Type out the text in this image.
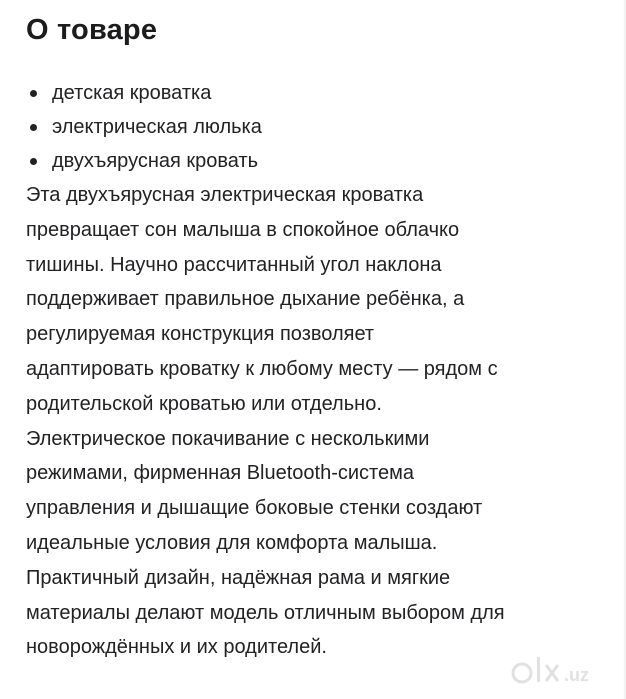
О товаре
детская кроватка
электрическая люлька
двухъярусная кровать

Эта двухъярусная электрическая кроватка
превращает сон малыша в спокойное облачко
тишины. Научно рассчитанный угол наклона
поддерживает правильное дыхание ребёнка, а
регулируемая конструкция позволяет
адаптировать кроватку к любому месту — рядом с
родительской кроватью или отдельно.
Электрическое покачивание с несколькими
режимами, фирменная Bluetooth-система
управления и дышащие боковые стенки создают
идеальные условия для комфорта малыша.
Практичный дизайн, надёжная рама и мягкие
материалы делают модель отличным выбором для
новорождённых и их родителей.

.uz
